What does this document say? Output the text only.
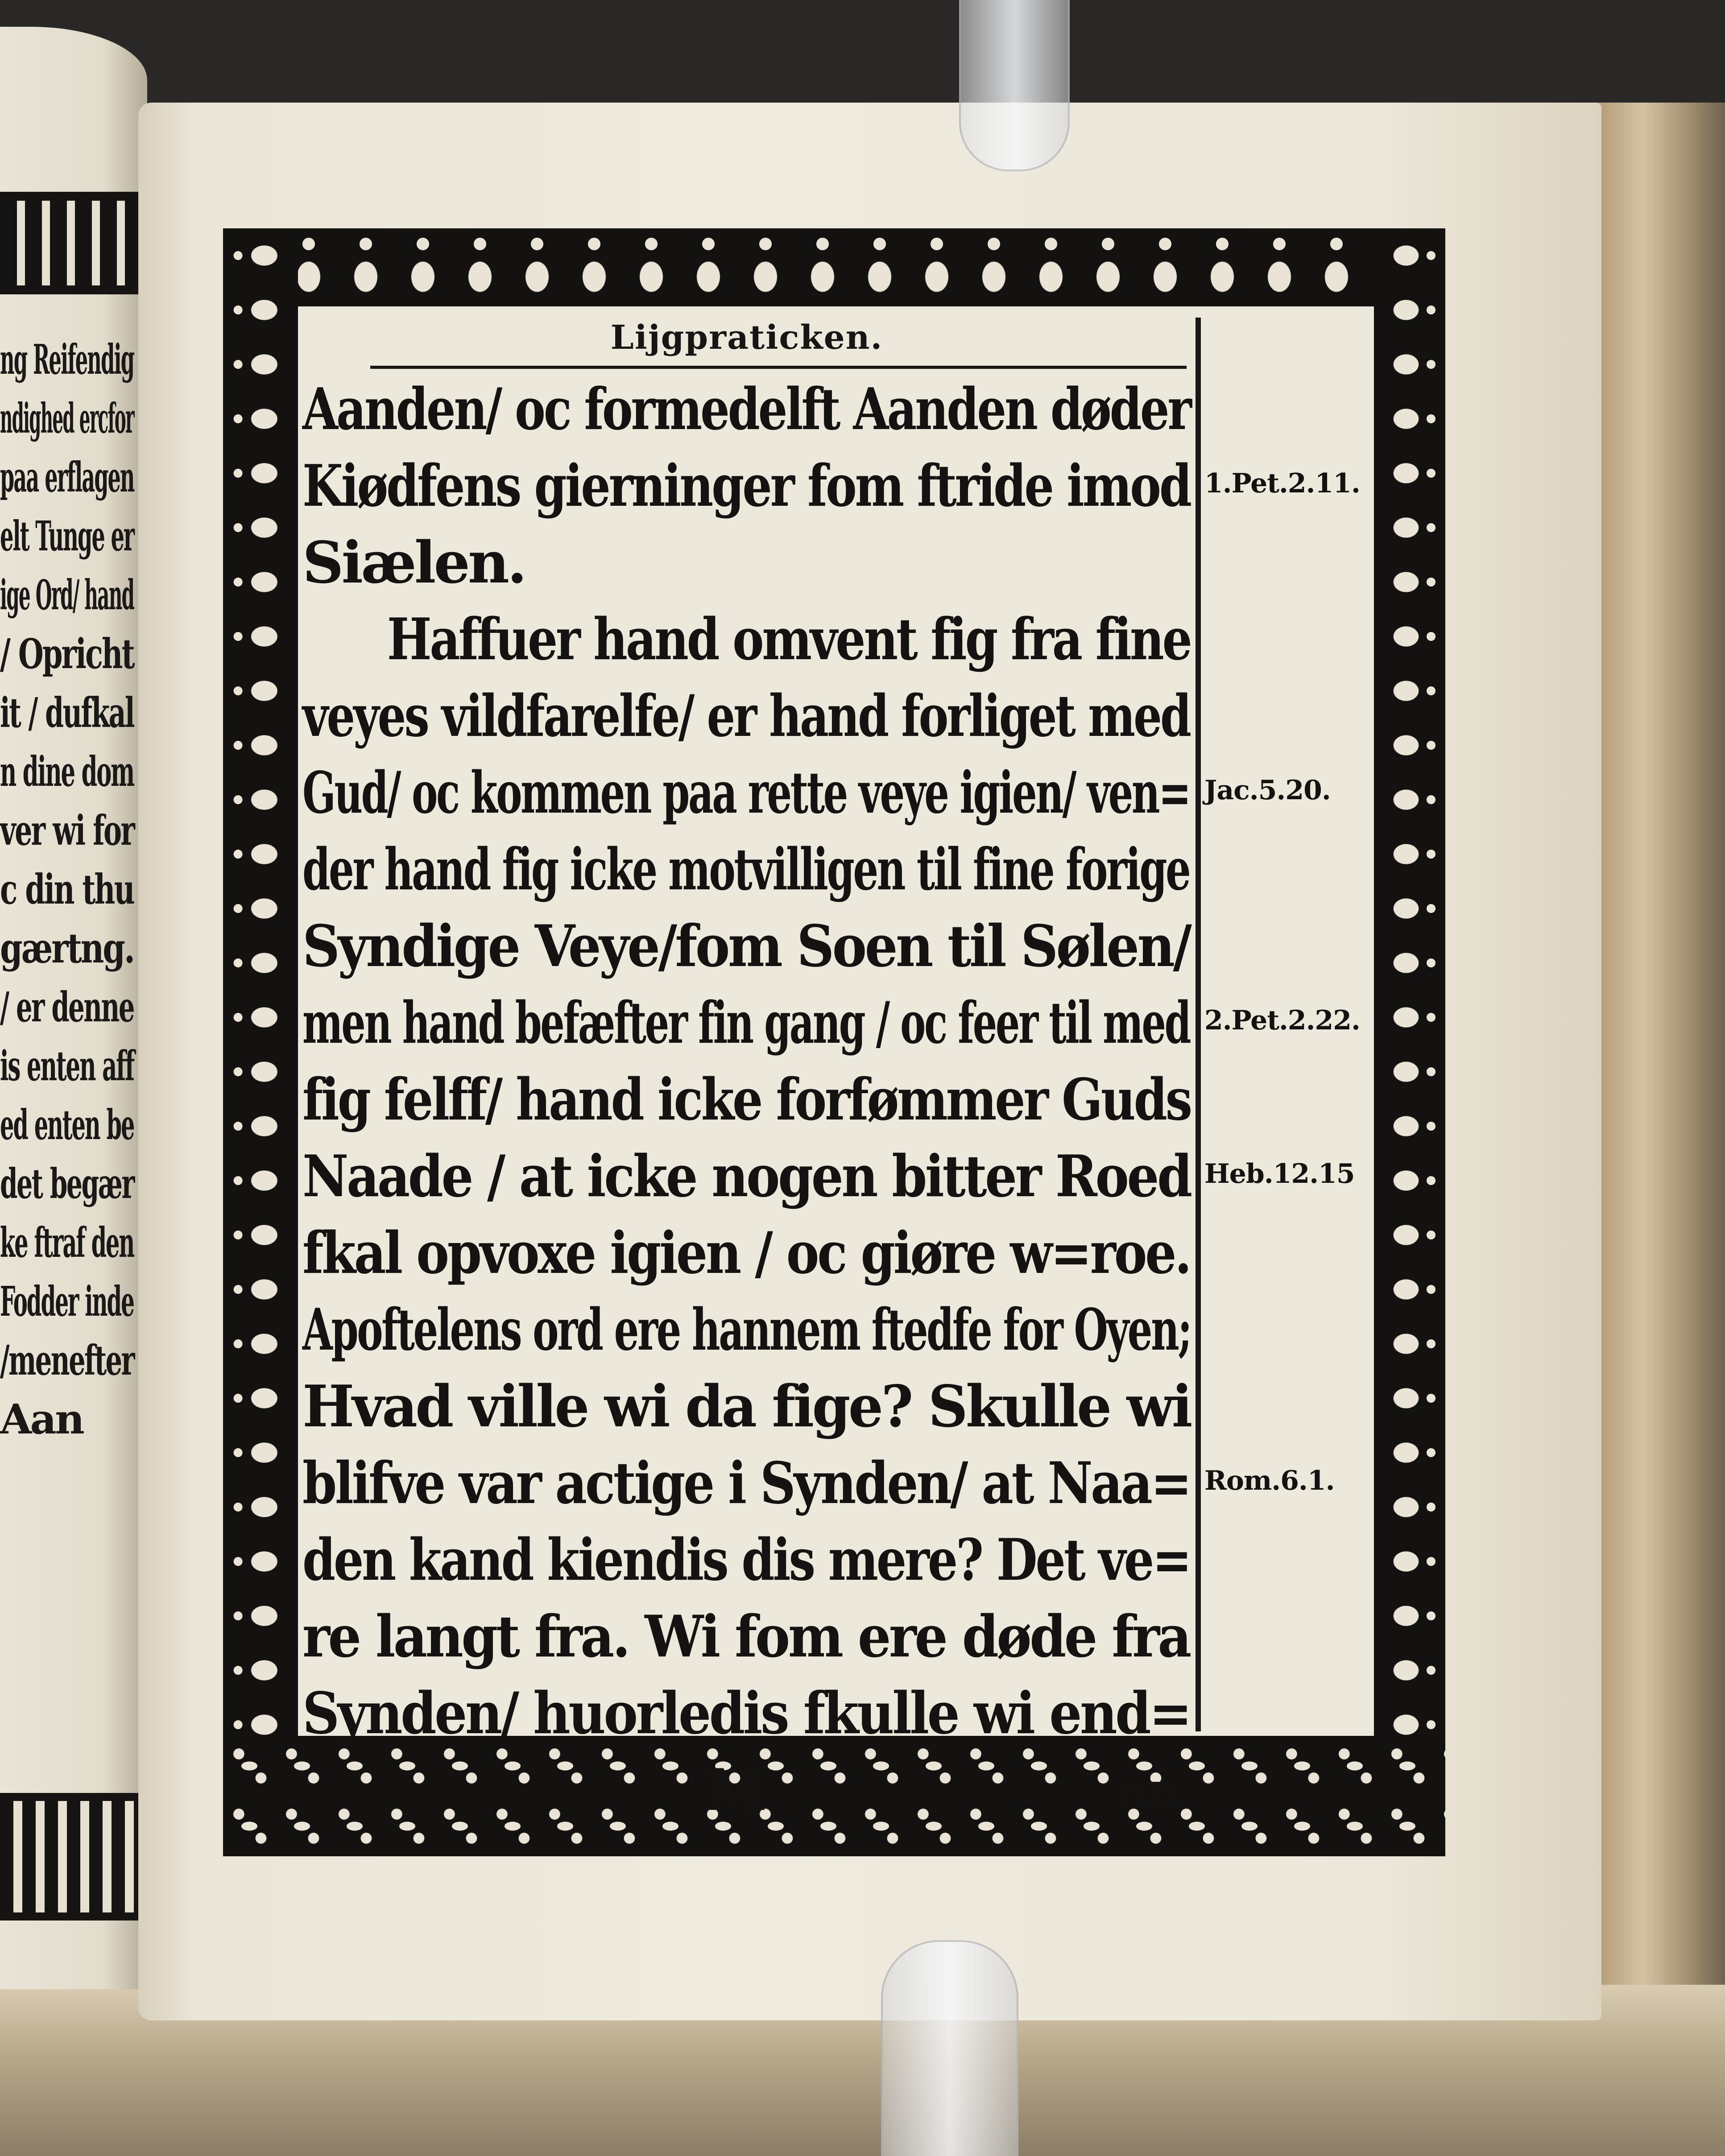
ng Reifendig
ndighed ercfor
paa erflagen
elt Tunge er
ige Ord/ hand
/ Opricht
it / dufkal
n dine dom
ver wi for
c din thu
gærtng.
/ er denne
is enten aff
ed enten be
det begær
ke ftraf den
Fodder inde
/menefter
Aan
Lijgpraticken.
Aanden/ oc formedelft Aanden døder
Kiødfens gierninger fom ftride imod
Siælen.
Haffuer hand omvent fig fra fine
veyes vildfarelfe/ er hand forliget med
Gud/ oc kommen paa rette veye igien/ ven=
der hand fig icke motvilligen til fine forige
Syndige Veye/fom Soen til Sølen/
men hand befæfter fin gang / oc feer til med
fig felff/ hand icke forfømmer Guds
Naade / at icke nogen bitter Roed
fkal opvoxe igien / oc giøre w=roe.
Apoftelens ord ere hannem ftedfe for Oyen;
Hvad ville wi da fige? Skulle wi
blifve var actige i Synden/ at Naa=
den kand kiendis dis mere? Det ve=
re langt fra. Wi fom ere døde fra
Synden/ huorledis fkulle wi end=
M	nu
1.Pet.2.11.
Jac.5.20.
2.Pet.2.22.
Heb.12.15
Rom.6.1.
